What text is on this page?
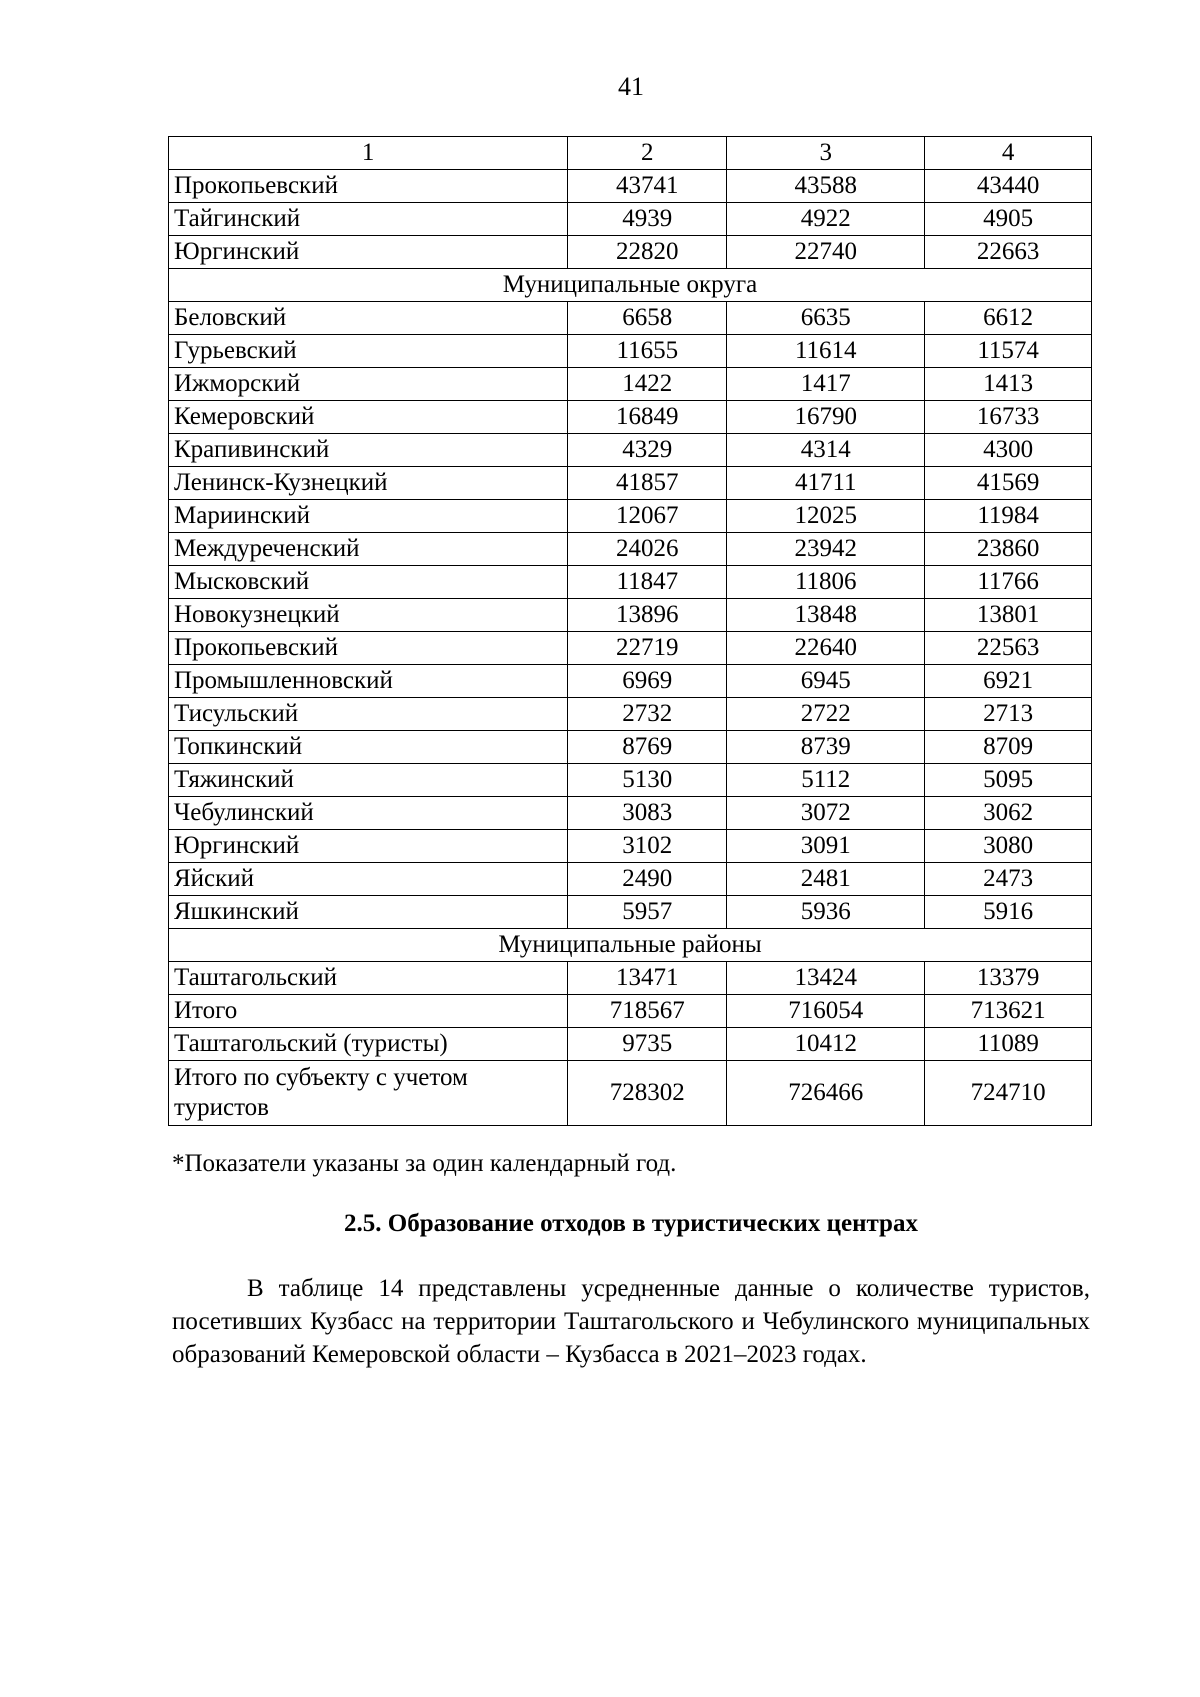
41
1	2	3	4
Прокопьевский	43741	43588	43440
Тайгинский	4939	4922	4905
Юргинский	22820	22740	22663
Муниципальные округа			
Беловский	6658	6635	6612
Гурьевский	11655	11614	11574
Ижморский	1422	1417	1413
Кемеровский	16849	16790	16733
Крапивинский	4329	4314	4300
Ленинск-Кузнецкий	41857	41711	41569
Мариинский	12067	12025	11984
Междуреченский	24026	23942	23860
Мысковский	11847	11806	11766
Новокузнецкий	13896	13848	13801
Прокопьевский	22719	22640	22563
Промышленновский	6969	6945	6921
Тисульский	2732	2722	2713
Топкинский	8769	8739	8709
Тяжинский	5130	5112	5095
Чебулинский	3083	3072	3062
Юргинский	3102	3091	3080
Яйский	2490	2481	2473
Яшкинский	5957	5936	5916
Муниципальные районы			
Таштагольский	13471	13424	13379
Итого	718567	716054	713621
Таштагольский (туристы)	9735	10412	11089
Итого по субъекту с учетом туристов	728302	726466	724710
*Показатели указаны за один календарный год.
2.5. Образование отходов в туристических центрах

В таблице 14 представлены усредненные данные о количестве туристов, посетивших Кузбасс на территории Таштагольского и Чебулинского муниципальных образований Кемеровской области – Кузбасса в 2021–2023 годах.
